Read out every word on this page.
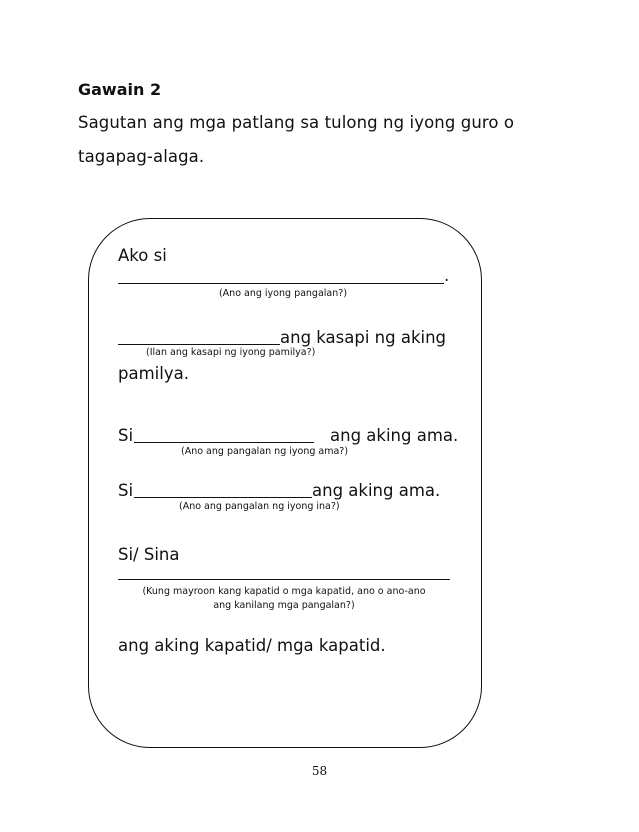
Gawain 2
Sagutan ang mga patlang sa tulong ng iyong guro o
tagapag-alaga.
Ako si
.
(Ano ang iyong pangalan?)
ang kasapi ng aking
(Ilan ang kasapi ng iyong pamilya?)
pamilya.
Si	ang aking ama.
(Ano ang pangalan ng iyong ama?)
Si	ang aking ama.
(Ano ang pangalan ng iyong ina?)
Si/ Sina
(Kung mayroon kang kapatid o mga kapatid, ano o ano-ano
ang kanilang mga pangalan?)
ang aking kapatid/ mga kapatid.
58
